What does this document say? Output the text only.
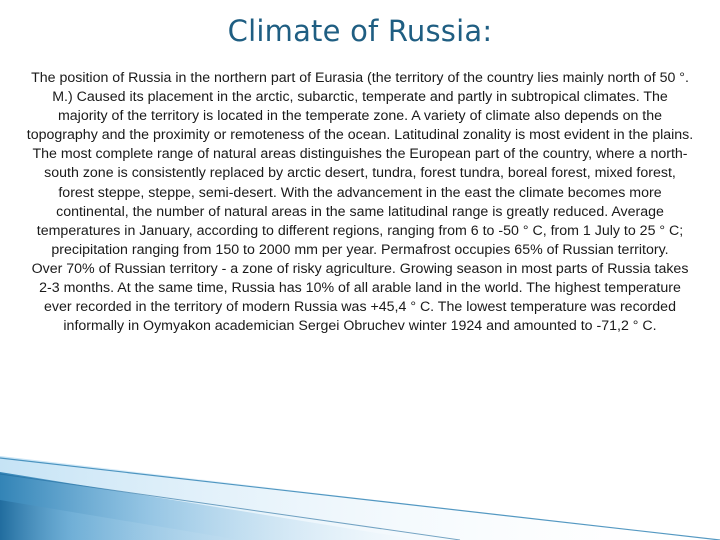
Climate of Russia:

The position of Russia in the northern part of Eurasia (the territory of the country lies mainly north of 50 °. M.) Caused its placement in the arctic, subarctic, temperate and partly in subtropical climates. The majority of the territory is located in the temperate zone. A variety of climate also depends on the topography and the proximity or remoteness of the ocean. Latitudinal zonality is most evident in the plains. The most complete range of natural areas distinguishes the European part of the country, where a north-south zone is consistently replaced by arctic desert, tundra, forest tundra, boreal forest, mixed forest, forest steppe, steppe, semi-desert. With the advancement in the east the climate becomes more continental, the number of natural areas in the same latitudinal range is greatly reduced. Average temperatures in January, according to different regions, ranging from 6 to -50 ° C, from 1 July to 25 ° C; precipitation ranging from 150 to 2000 mm per year. Permafrost occupies 65% of Russian territory.

Over 70% of Russian territory - a zone of risky agriculture. Growing season in most parts of Russia takes 2-3 months. At the same time, Russia has 10% of all arable land in the world. The highest temperature ever recorded in the territory of modern Russia was +45,4 ° C. The lowest temperature was recorded informally in Oymyakon academician Sergei Obruchev winter 1924 and amounted to -71,2 ° C.
